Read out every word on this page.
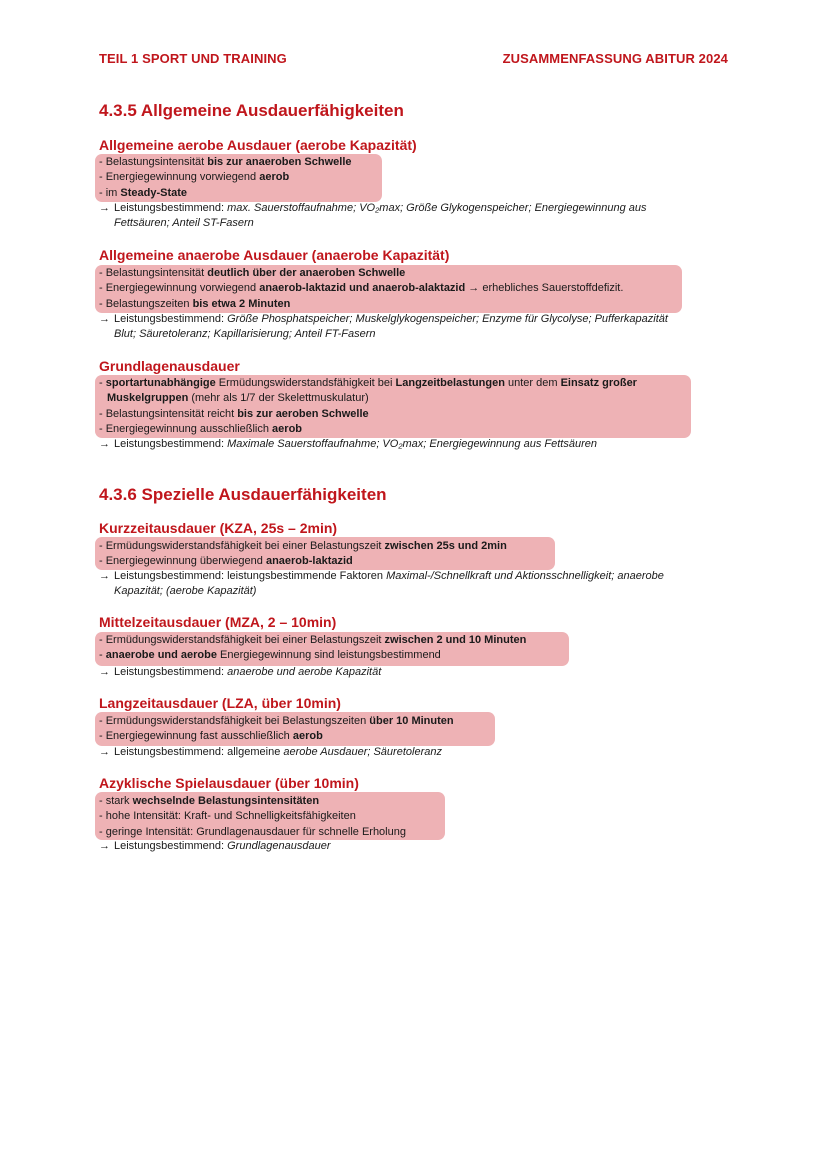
TEIL 1 SPORT UND TRAINING	ZUSAMMENFASSUNG ABITUR 2024
4.3.5 Allgemeine Ausdauerfähigkeiten
4.3.6 Spezielle Ausdauerfähigkeiten
Allgemeine aerobe Ausdauer (aerobe Kapazität)
- Belastungsintensität bis zur anaeroben Schwelle
- Energiegewinnung vorwiegend aerob
- im Steady-State
→ Leistungsbestimmend: max. Sauerstoffaufnahme; VO₂max; Größe Glykogenspeicher; Energiegewinnung aus
Fettsäuren; Anteil ST-Fasern
Allgemeine anaerobe Ausdauer (anaerobe Kapazität)
- Belastungsintensität deutlich über der anaeroben Schwelle
- Energiegewinnung vorwiegend anaerob-laktazid und anaerob-alaktazid → erhebliches Sauerstoffdefizit.
- Belastungszeiten bis etwa 2 Minuten
→ Leistungsbestimmend: Größe Phosphatspeicher; Muskelglykogenspeicher; Enzyme für Glycolyse; Pufferkapazität
Blut; Säuretoleranz; Kapillarisierung; Anteil FT-Fasern
Grundlagenausdauer
- sportartunabhängige Ermüdungswiderstandsfähigkeit bei Langzeitbelastungen unter dem Einsatz großer
Muskelgruppen (mehr als 1/7 der Skelettmuskulatur)
- Belastungsintensität reicht bis zur aeroben Schwelle
- Energiegewinnung ausschließlich aerob
→ Leistungsbestimmend: Maximale Sauerstoffaufnahme; VO₂max; Energiegewinnung aus Fettsäuren
Kurzzeitausdauer (KZA, 25s – 2min)
- Ermüdungswiderstandsfähigkeit bei einer Belastungszeit zwischen 25s und 2min
- Energiegewinnung überwiegend anaerob-laktazid
→ Leistungsbestimmend: leistungsbestimmende Faktoren Maximal-/Schnellkraft und Aktionsschnelligkeit; anaerobe
Kapazität; (aerobe Kapazität)
Mittelzeitausdauer (MZA, 2 – 10min)
- Ermüdungswiderstandsfähigkeit bei einer Belastungszeit zwischen 2 und 10 Minuten
- anaerobe und aerobe Energiegewinnung sind leistungsbestimmend
→ Leistungsbestimmend: anaerobe und aerobe Kapazität
Langzeitausdauer (LZA, über 10min)
- Ermüdungswiderstandsfähigkeit bei Belastungszeiten über 10 Minuten
- Energiegewinnung fast ausschließlich aerob
→ Leistungsbestimmend: allgemeine aerobe Ausdauer; Säuretoleranz
Azyklische Spielausdauer (über 10min)
- stark wechselnde Belastungsintensitäten
- hohe Intensität: Kraft- und Schnelligkeitsfähigkeiten
- geringe Intensität: Grundlagenausdauer für schnelle Erholung
→ Leistungsbestimmend: Grundlagenausdauer
